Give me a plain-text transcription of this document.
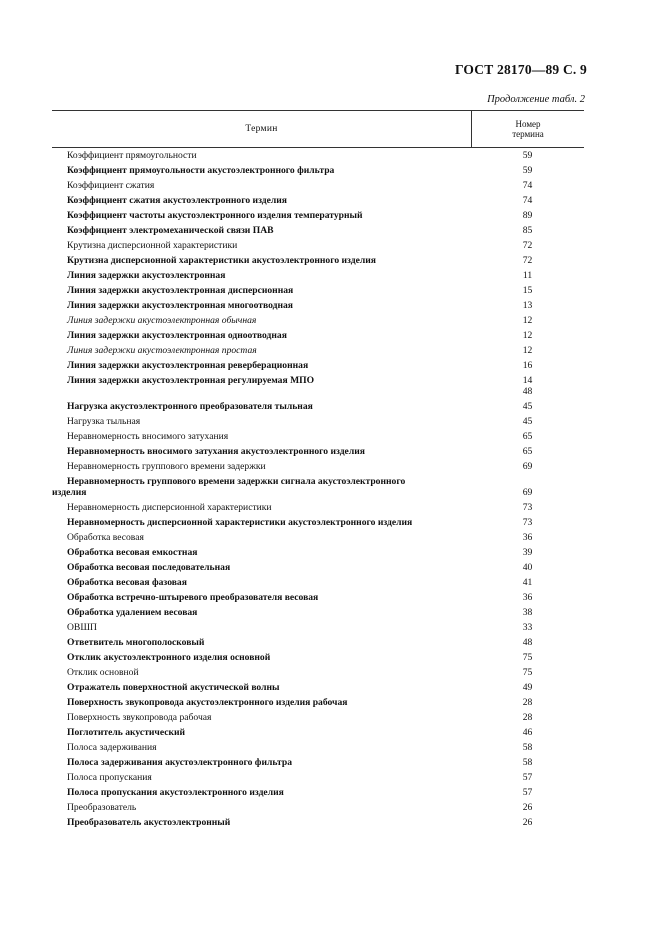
ГОСТ 28170—89 С. 9
Продолжение табл. 2
Термин	Номер
термина
Коэффициент прямоугольности	59
Коэффициент прямоугольности акустоэлектронного фильтра	59
Коэффициент сжатия	74
Коэффициент сжатия акустоэлектронного изделия	74
Коэффициент частоты акустоэлектронного изделия температурный	89
Коэффициент электромеханической связи ПАВ	85
Крутизна дисперсионной характеристики	72
Крутизна дисперсионной характеристики акустоэлектронного изделия	72
Линия задержки акустоэлектронная	11
Линия задержки акустоэлектронная дисперсионная	15
Линия задержки акустоэлектронная многоотводная	13
Линия задержки акустоэлектронная обычная	12
Линия задержки акустоэлектронная одноотводная	12
Линия задержки акустоэлектронная простая	12
Линия задержки акустоэлектронная реверберационная	16
Линия задержки акустоэлектронная регулируемая МПО	14
48
Нагрузка акустоэлектронного преобразователя тыльная	45
Нагрузка тыльная	45
Неравномерность вносимого затухания	65
Неравномерность вносимого затухания акустоэлектронного изделия	65
Неравномерность группового времени задержки	69
Неравномерность группового времени задержки сигнала акустоэлектронного
изделия	69
Неравномерность дисперсионной характеристики	73
Неравномерность дисперсионной характеристики акустоэлектронного изделия	73
Обработка весовая	36
Обработка весовая емкостная	39
Обработка весовая последовательная	40
Обработка весовая фазовая	41
Обработка встречно-штыревого преобразователя весовая	36
Обработка удалением весовая	38
ОВШП	33
Ответвитель многополосковый	48
Отклик акустоэлектронного изделия основной	75
Отклик основной	75
Отражатель поверхностной акустической волны	49
Поверхность звукопровода акустоэлектронного изделия рабочая	28
Поверхность звукопровода рабочая	28
Поглотитель акустический	46
Полоса задерживания	58
Полоса задерживания акустоэлектронного фильтра	58
Полоса пропускания	57
Полоса пропускания акустоэлектронного изделия	57
Преобразователь	26
Преобразователь акустоэлектронный	26
